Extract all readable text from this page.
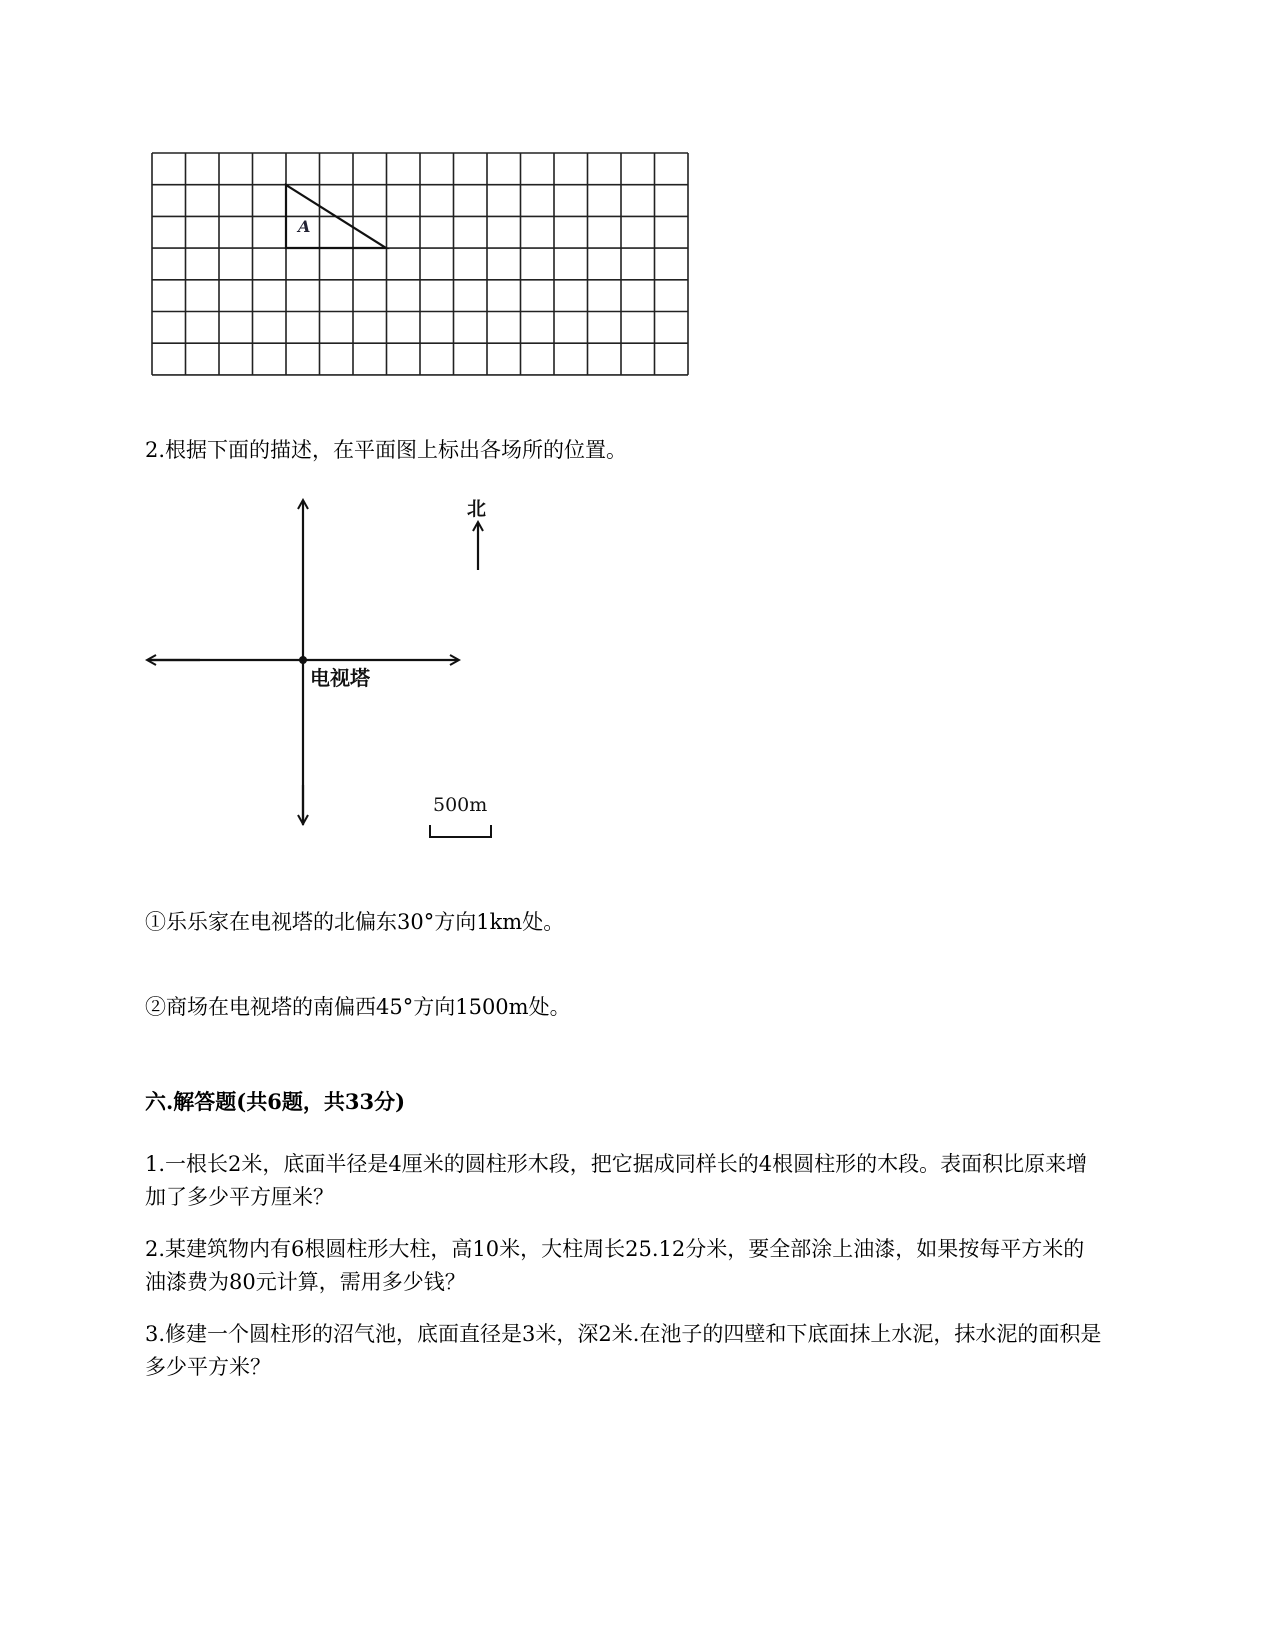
A
2.根据下面的描述，在平面图上标出各场所的位置。
电视塔
北
500m
①乐乐家在电视塔的北偏东30°方向1km处。
②商场在电视塔的南偏西45°方向1500m处。
六.解答题(共6题，共33分)
1.一根长2米，底面半径是4厘米的圆柱形木段，把它据成同样长的4根圆柱形的木段。表面积比原来增加了多少平方厘米？
2.某建筑物内有6根圆柱形大柱，高10米，大柱周长25.12分米，要全部涂上油漆，如果按每平方米的油漆费为80元计算，需用多少钱？
3.修建一个圆柱形的沼气池，底面直径是3米，深2米.在池子的四壁和下底面抹上水泥，抹水泥的面积是多少平方米？
